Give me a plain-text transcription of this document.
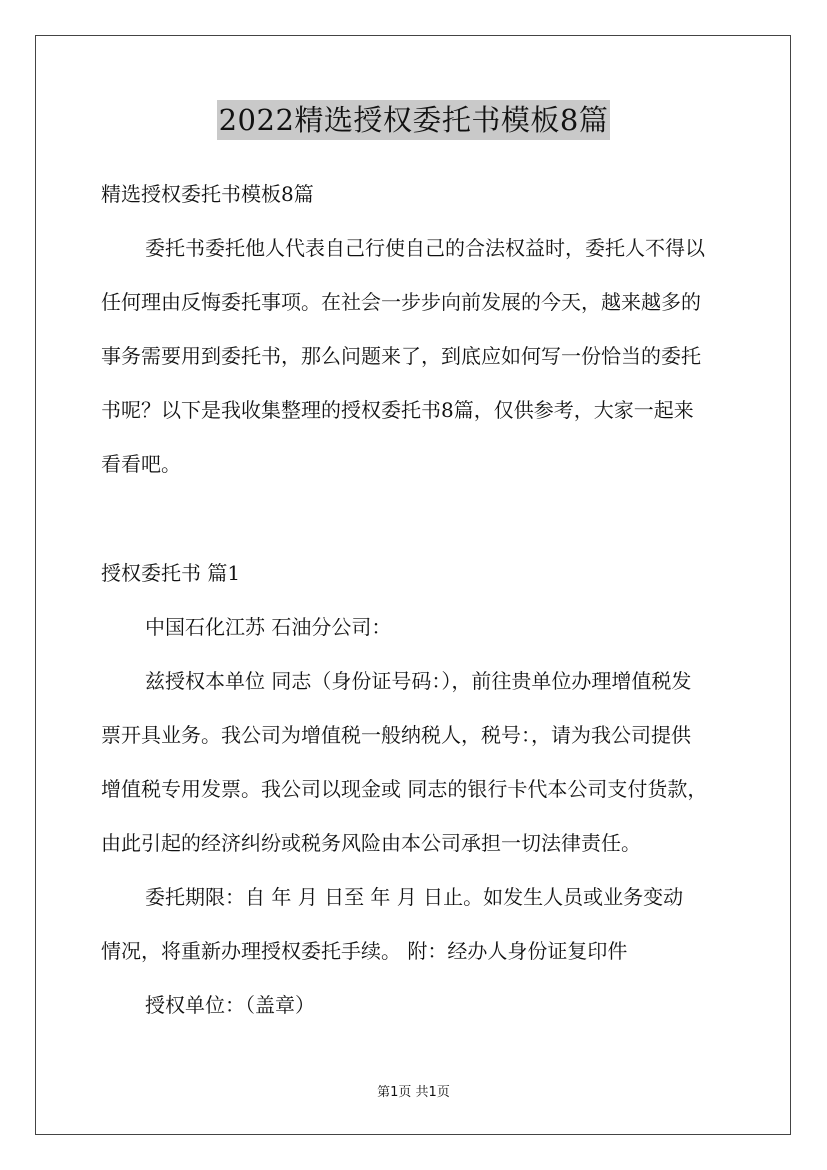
2022精选授权委托书模板8篇
精选授权委托书模板8篇
委托书委托他人代表自己行使自己的合法权益时，委托人不得以
任何理由反悔委托事项。在社会一步步向前发展的今天，越来越多的
事务需要用到委托书，那么问题来了，到底应如何写一份恰当的委托
书呢？以下是我收集整理的授权委托书8篇，仅供参考，大家一起来
看看吧。
授权委托书 篇1
中国石化江苏 石油分公司：
兹授权本单位 同志（身份证号码：），前往贵单位办理增值税发
票开具业务。我公司为增值税一般纳税人，税号：，请为我公司提供
增值税专用发票。我公司以现金或 同志的银行卡代本公司支付货款，
由此引起的经济纠纷或税务风险由本公司承担一切法律责任。
委托期限：自 年 月 日至 年 月 日止。如发生人员或业务变动
情况，将重新办理授权委托手续。 附：经办人身份证复印件
授权单位：（盖章）
第1页 共1页
